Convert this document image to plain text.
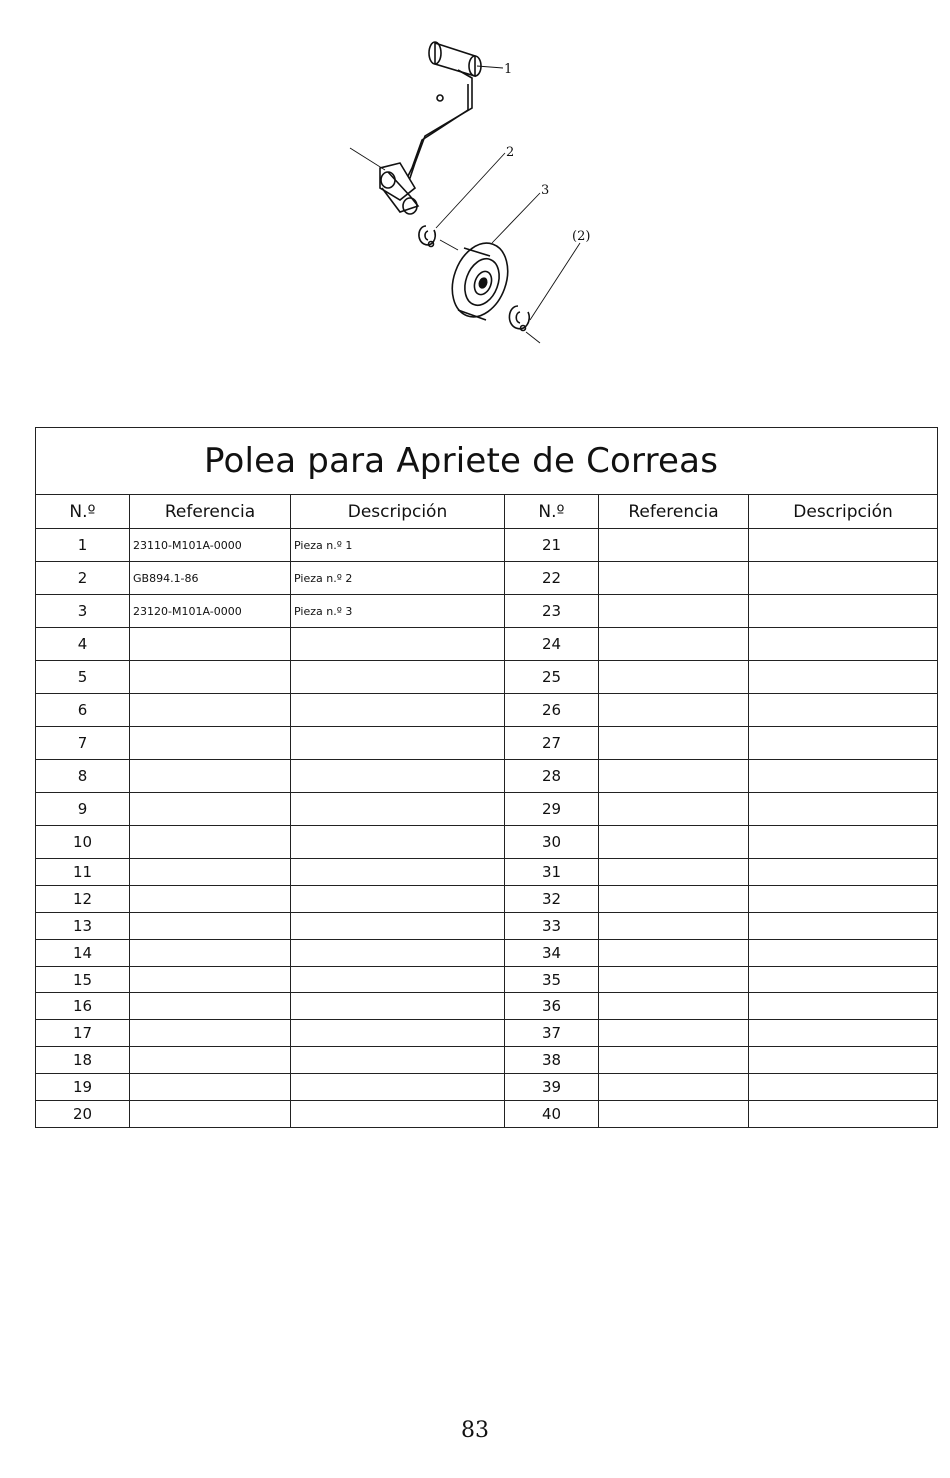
1
2
3
(2)
Polea para Apriete de Correas					
N.º	Referencia	Descripción	N.º	Referencia	Descripción
1	23110-M101A-0000	Pieza n.º 1	21		
2	GB894.1-86	Pieza n.º 2	22		
3	23120-M101A-0000	Pieza n.º 3	23		
4			24		
5			25		
6			26		
7			27		
8			28		
9			29		
10			30		
11			31		
12			32		
13			33		
14			34		
15			35		
16			36		
17			37		
18			38		
19			39		
20			40		
83
